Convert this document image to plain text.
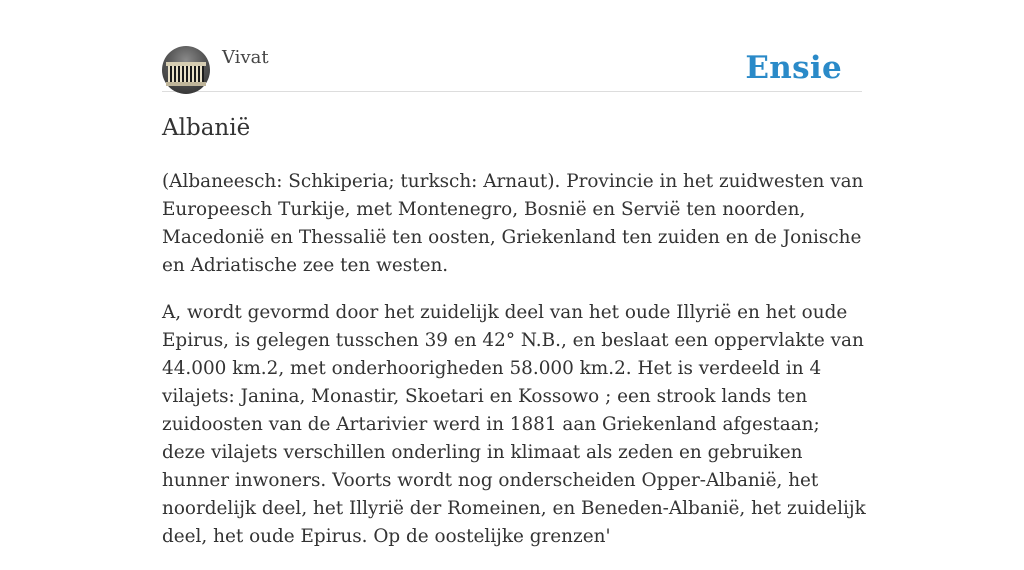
Vivat	Ensie
Albanië

(Albaneesch: Schkiperia; turksch: Arnaut). Provincie in het zuidwesten van Europeesch Turkije, met Montenegro, Bosnië en Servië ten noorden, Macedonië en Thessalië ten oosten, Griekenland ten zuiden en de Jonische en Adriatische zee ten westen.

A, wordt gevormd door het zuidelijk deel van het oude Illyrië en het oude Epirus, is gelegen tusschen 39 en 42° N.B., en beslaat een oppervlakte van 44.000 km.2, met onderhoorigheden 58.000 km.2. Het is verdeeld in 4 vilajets: Janina, Monastir, Skoetari en Kossowo ; een strook lands ten zuidoosten van de Artarivier werd in 1881 aan Griekenland afgestaan; deze vilajets verschillen onderling in klimaat als zeden en gebruiken hunner inwoners. Voorts wordt nog onderscheiden Opper-Albanië, het noordelijk deel, het Illyrië der Romeinen, en Beneden-Albanië, het zuidelijk deel, het oude Epirus. Op de oostelijke grenzen'
